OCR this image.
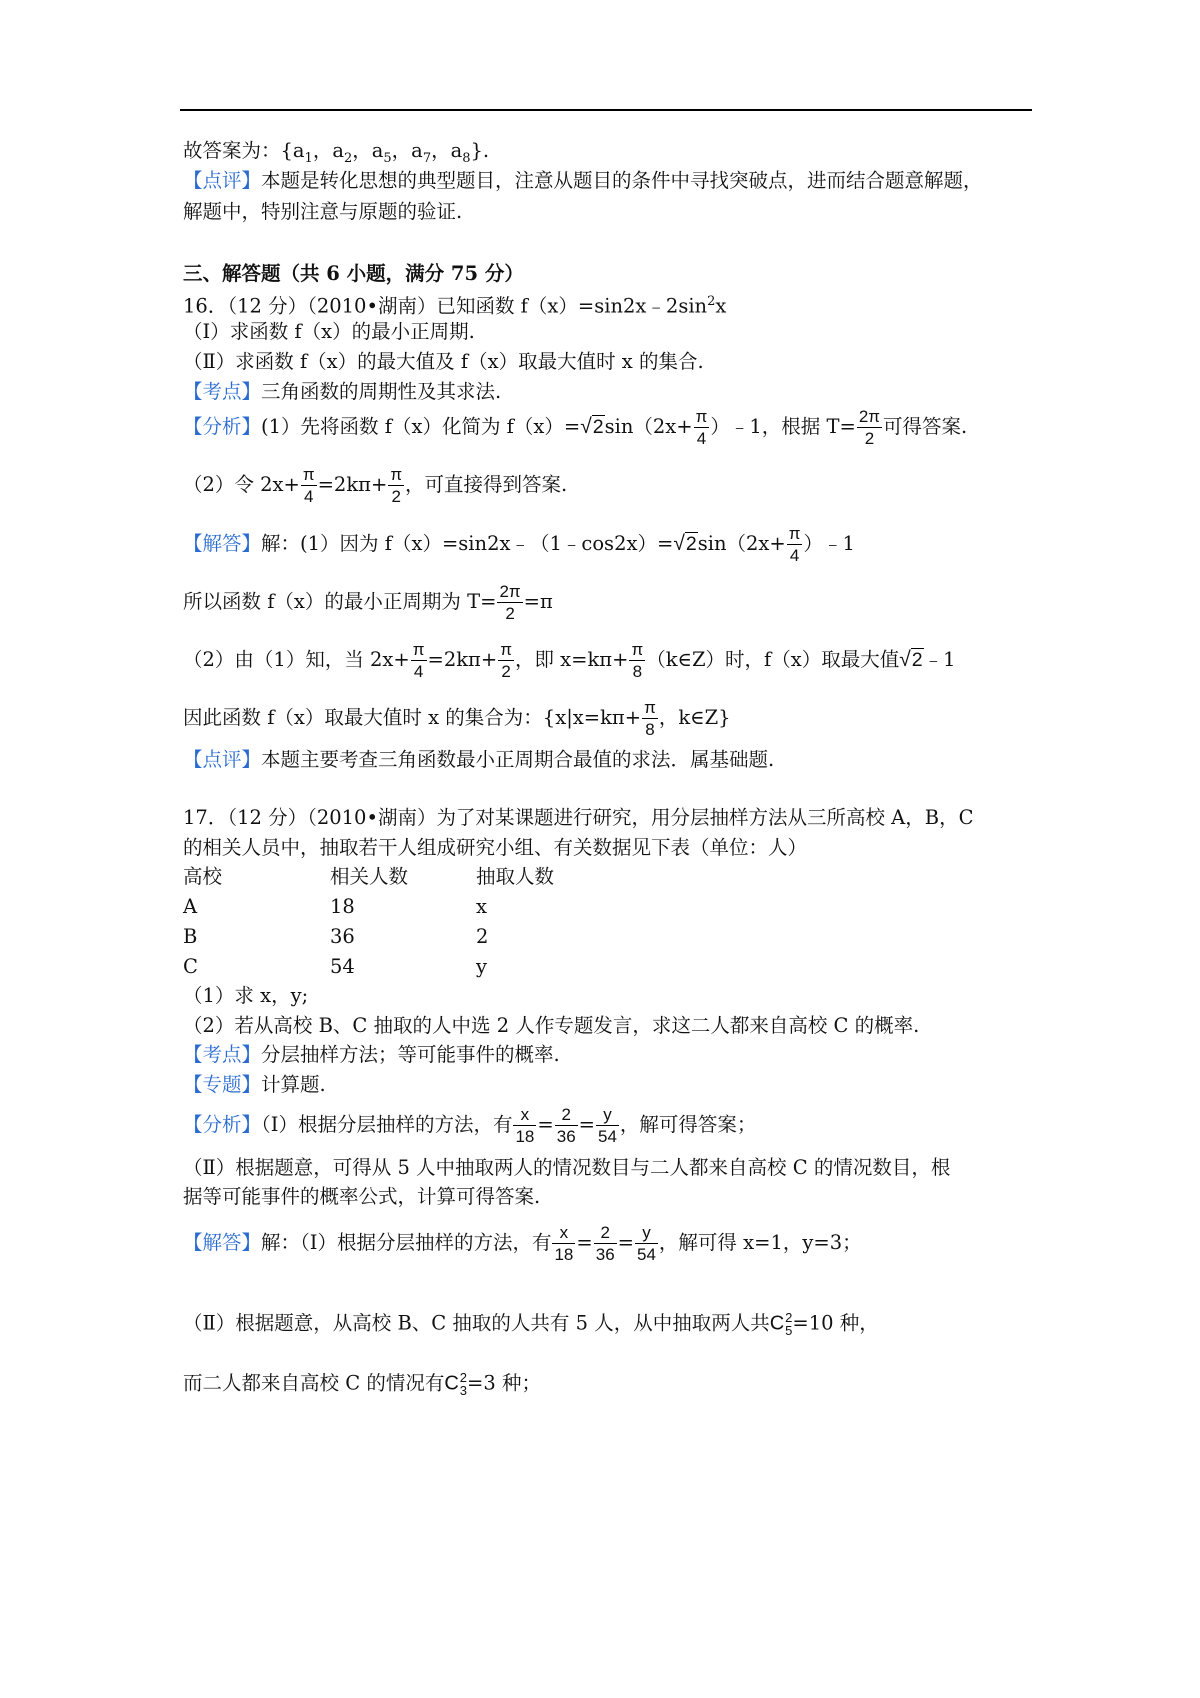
故答案为：{$a_1$，$a_2$，$a_5$，$a_7$，$a_8$}.
【点评】本题是转化思想的典型题目，注意从题目的条件中寻找突破点，进而结合题意解题，
解题中，特别注意与原题的验证.
三、解答题（共 6 小题，满分 75 分）
16．（12 分）（2010•湖南）已知函数 $f(x)=\sin 2x﹣2\sin^2x$
（Ⅰ）求函数 f（x）的最小正周期.
（Ⅱ）求函数 f（x）的最大值及 f（x）取最大值时 x 的集合.
【考点】三角函数的周期性及其求法.
【分析】(1）先将函数 f（x）化简为 $f(x)=√2\sin(2x+ \frac{\pi}{4}$ ）﹣1，根据 $T= \frac{2\pi}{2}$ 可得答案.
（2）令 $2x+ \frac{\pi}{4} =2k\pi+ \frac{\pi}{2}$ ，可直接得到答案.
【解答】解：(1）因为 f（x）=sin2x﹣（1﹣cos2x）=√2sin（2x+ $\frac{\pi}{4}$ ）﹣1
所以函数 f（x）的最小正周期为 $T= \frac{2\pi}{2} =\pi$
（2）由（1）知，当 $2x+ \frac{\pi}{4} =2k\pi+ \frac{\pi}{2}$ ，即 $x=k\pi+ \frac{\pi}{8}$ （k∈Z）时，f（x）取最大值√2﹣1
因此函数 f（x）取最大值时 x 的集合为：{$x|x=k\pi+ \frac{\pi}{8}$ ，k∈Z}
【点评】本题主要考查三角函数最小正周期合最值的求法．属基础题.
17．（12 分）（2010•湖南）为了对某课题进行研究，用分层抽样方法从三所高校 A，B，C
的相关人员中，抽取若干人组成研究小组、有关数据见下表（单位：人）
高校	相关人数	抽取人数
A	18	x
B	36	2
C	54	y
（1）求 x，y;
（2）若从高校 B、C 抽取的人中选 2 人作专题发言，求这二人都来自高校 C 的概率.
【考点】分层抽样方法；等可能事件的概率.
【专题】计算题.
【分析】（Ⅰ）根据分层抽样的方法，有 $\frac{x}{18} = \frac{2}{36} = \frac{y}{54}$ ，解可得答案；
（Ⅱ）根据题意，可得从 5 人中抽取两人的情况数目与二人都来自高校 C 的情况数目，根
据等可能事件的概率公式，计算可得答案.
【解答】解：（Ⅰ）根据分层抽样的方法，有 $\frac{x}{18} = \frac{2}{36} = \frac{y}{54}$ ，解可得 x=1，y=3；
（Ⅱ）根据题意，从高校 B、C 抽取的人共有 5 人，从中抽取两人共C 2
5 =10 种，
而二人都来自高校 C 的情况有C 2
3 =3 种；
